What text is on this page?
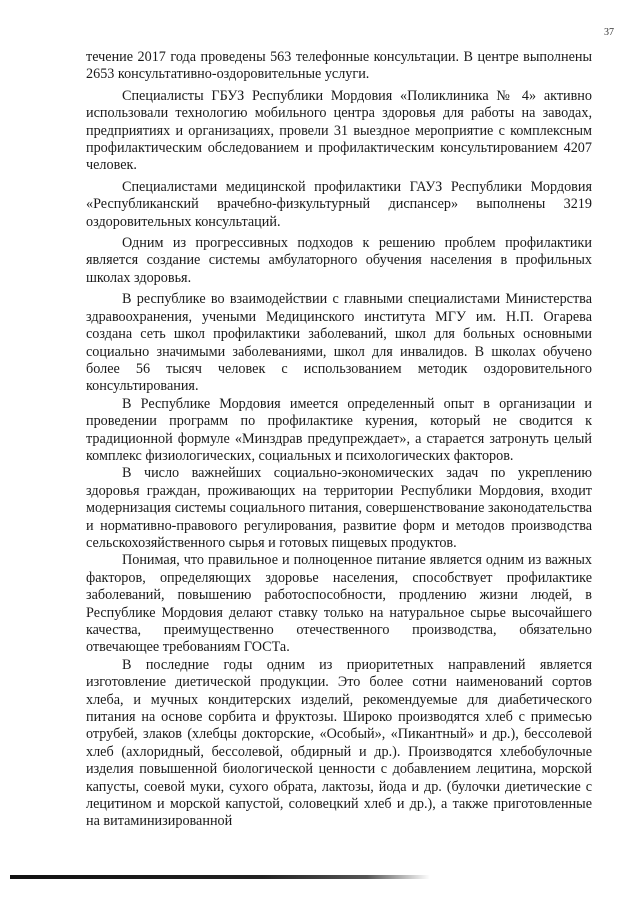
37

течение 2017 года проведены 563 телефонные консультации. В центре выполнены 2653 консультативно-оздоровительные услуги.

Специалисты ГБУЗ Республики Мордовия «Поликлиника № 4» активно использовали технологию мобильного центра здоровья для работы на заводах, предприятиях и организациях, провели 31 выездное мероприятие с комплексным профилактическим обследованием и профилактическим консультированием 4207 человек.

Специалистами медицинской профилактики ГАУЗ Республики Мордовия «Республиканский врачебно-физкультурный диспансер» выполнены 3219 оздоровительных консультаций.

Одним из прогрессивных подходов к решению проблем профилактики является создание системы амбулаторного обучения населения в профильных школах здоровья.

В республике во взаимодействии с главными специалистами Министерства здравоохранения, учеными Медицинского института МГУ им. Н.П. Огарева создана сеть школ профилактики заболеваний, школ для больных основными социально значимыми заболеваниями, школ для инвалидов. В школах обучено более 56 тысяч человек с использованием методик оздоровительного консультирования.

В Республике Мордовия имеется определенный опыт в организации и проведении программ по профилактике курения, который не сводится к традиционной формуле «Минздрав предупреждает», а старается затронуть целый комплекс физиологических, социальных и психологических факторов.

В число важнейших социально-экономических задач по укреплению здоровья граждан, проживающих на территории Республики Мордовия, входит модернизация системы социального питания, совершенствование законодательства и нормативно-правового регулирования, развитие форм и методов производства сельскохозяйственного сырья и готовых пищевых продуктов.

Понимая, что правильное и полноценное питание является одним из важных факторов, определяющих здоровье населения, способствует профилактике заболеваний, повышению работоспособности, продлению жизни людей, в Республике Мордовия делают ставку только на натуральное сырье высочайшего качества, преимущественно отечественного производства, обязательно отвечающее требованиям ГОСТа.

В последние годы одним из приоритетных направлений является изготовление диетической продукции. Это более сотни наименований сортов хлеба, и мучных кондитерских изделий, рекомендуемые для диабетического питания на основе сорбита и фруктозы. Широко производятся хлеб с примесью отрубей, злаков (хлебцы докторские, «Особый», «Пикантный» и др.), бессолевой хлеб (ахлоридный, бессолевой, обдирный и др.). Производятся хлебобулочные изделия повышенной биологической ценности с добавлением лецитина, морской капусты, соевой муки, сухого обрата, лактозы, йода и др. (булочки диетические с лецитином и морской капустой, соловецкий хлеб и др.), а также приготовленные на витаминизированной
